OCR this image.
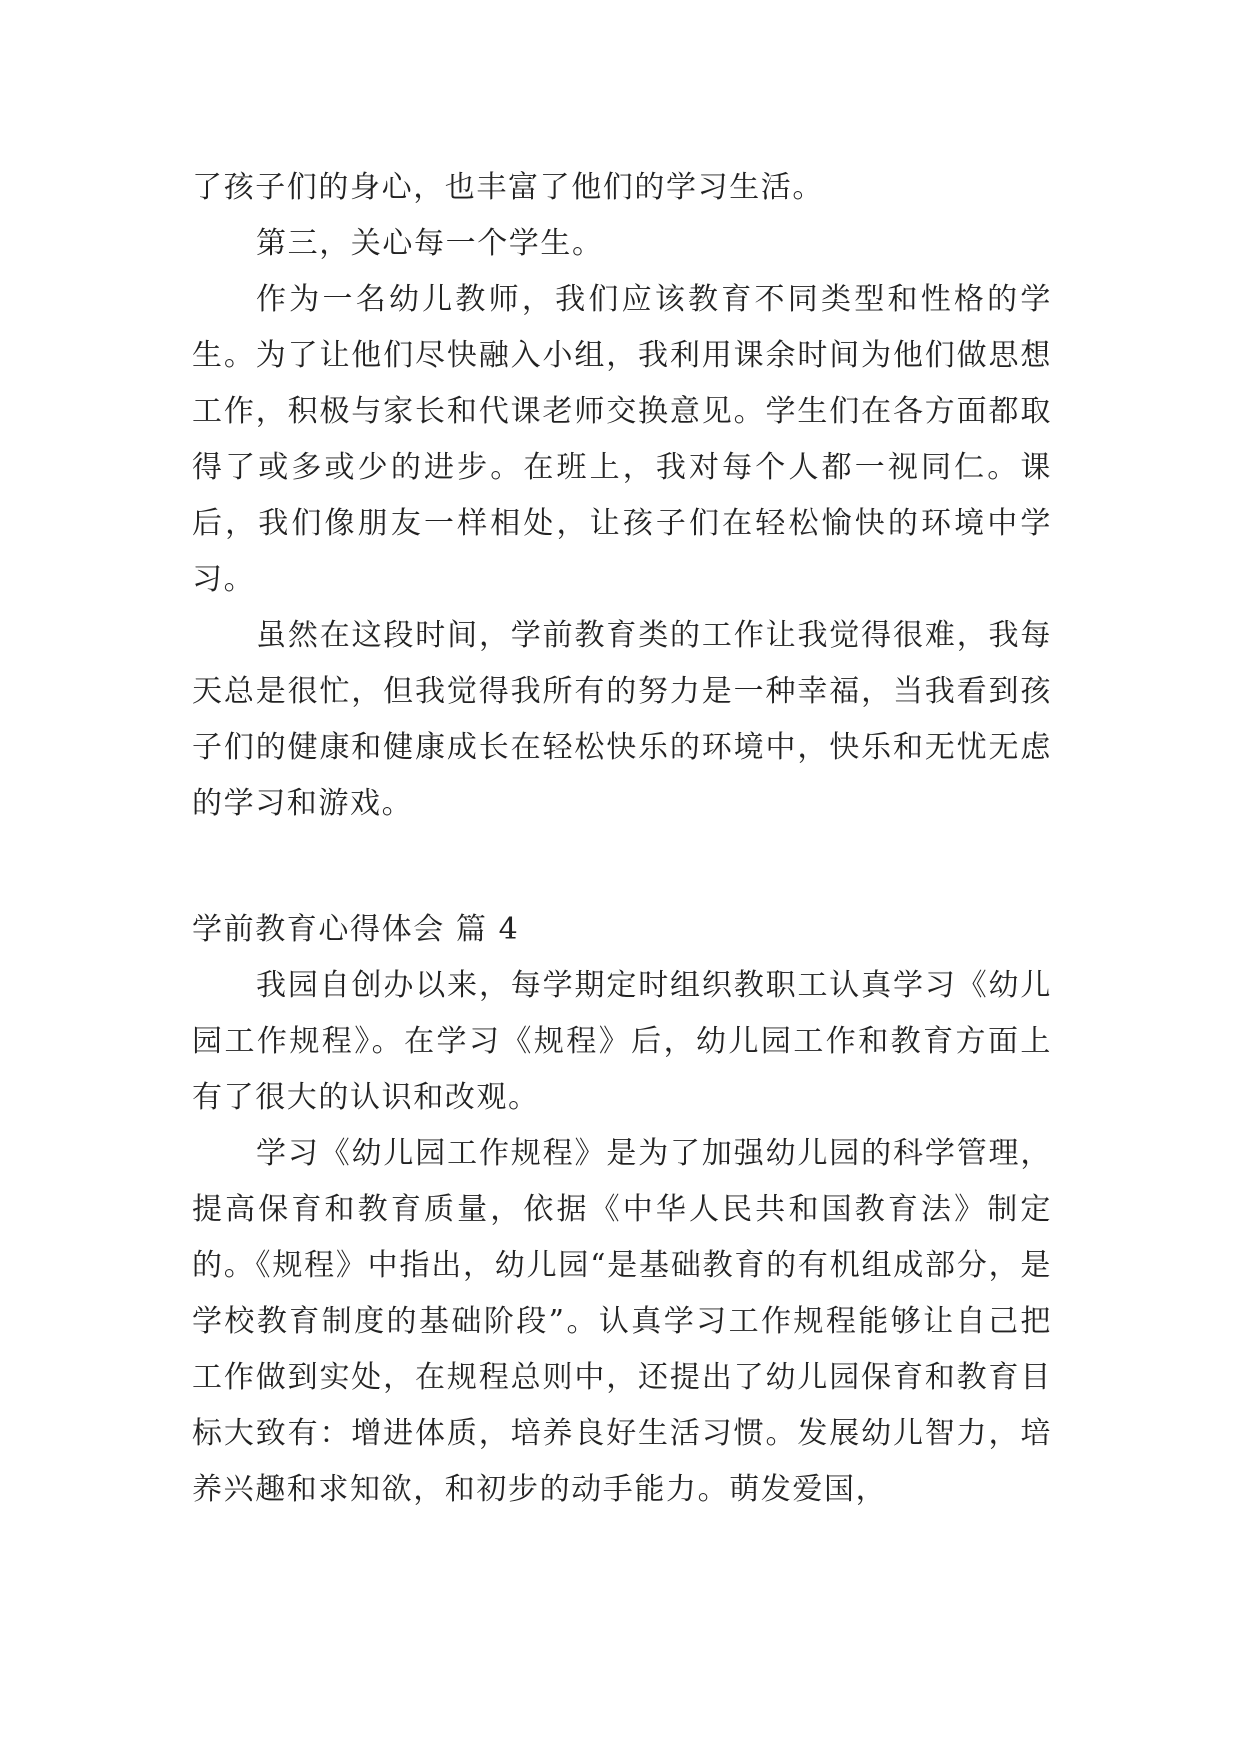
了孩子们的身心，也丰富了他们的学习生活。

第三，关心每一个学生。

作为一名幼儿教师，我们应该教育不同类型和性格的学生。为了让他们尽快融入小组，我利用课余时间为他们做思想工作，积极与家长和代课老师交换意见。学生们在各方面都取得了或多或少的进步。在班上，我对每个人都一视同仁。课后，我们像朋友一样相处，让孩子们在轻松愉快的环境中学习。

虽然在这段时间，学前教育类的工作让我觉得很难，我每天总是很忙，但我觉得我所有的努力是一种幸福，当我看到孩子们的健康和健康成长在轻松快乐的环境中，快乐和无忧无虑的学习和游戏。

学前教育心得体会 篇 4

我园自创办以来，每学期定时组织教职工认真学习《幼儿园工作规程》。在学习《规程》后，幼儿园工作和教育方面上有了很大的认识和改观。

学习《幼儿园工作规程》是为了加强幼儿园的科学管理，提高保育和教育质量，依据《中华人民共和国教育法》制定的。《规程》中指出，幼儿园“是基础教育的有机组成部分，是学校教育制度的基础阶段”。认真学习工作规程能够让自己把工作做到实处，在规程总则中，还提出了幼儿园保育和教育目标大致有：增进体质，培养良好生活习惯。发展幼儿智力，培养兴趣和求知欲，和初步的动手能力。萌发爱国，
